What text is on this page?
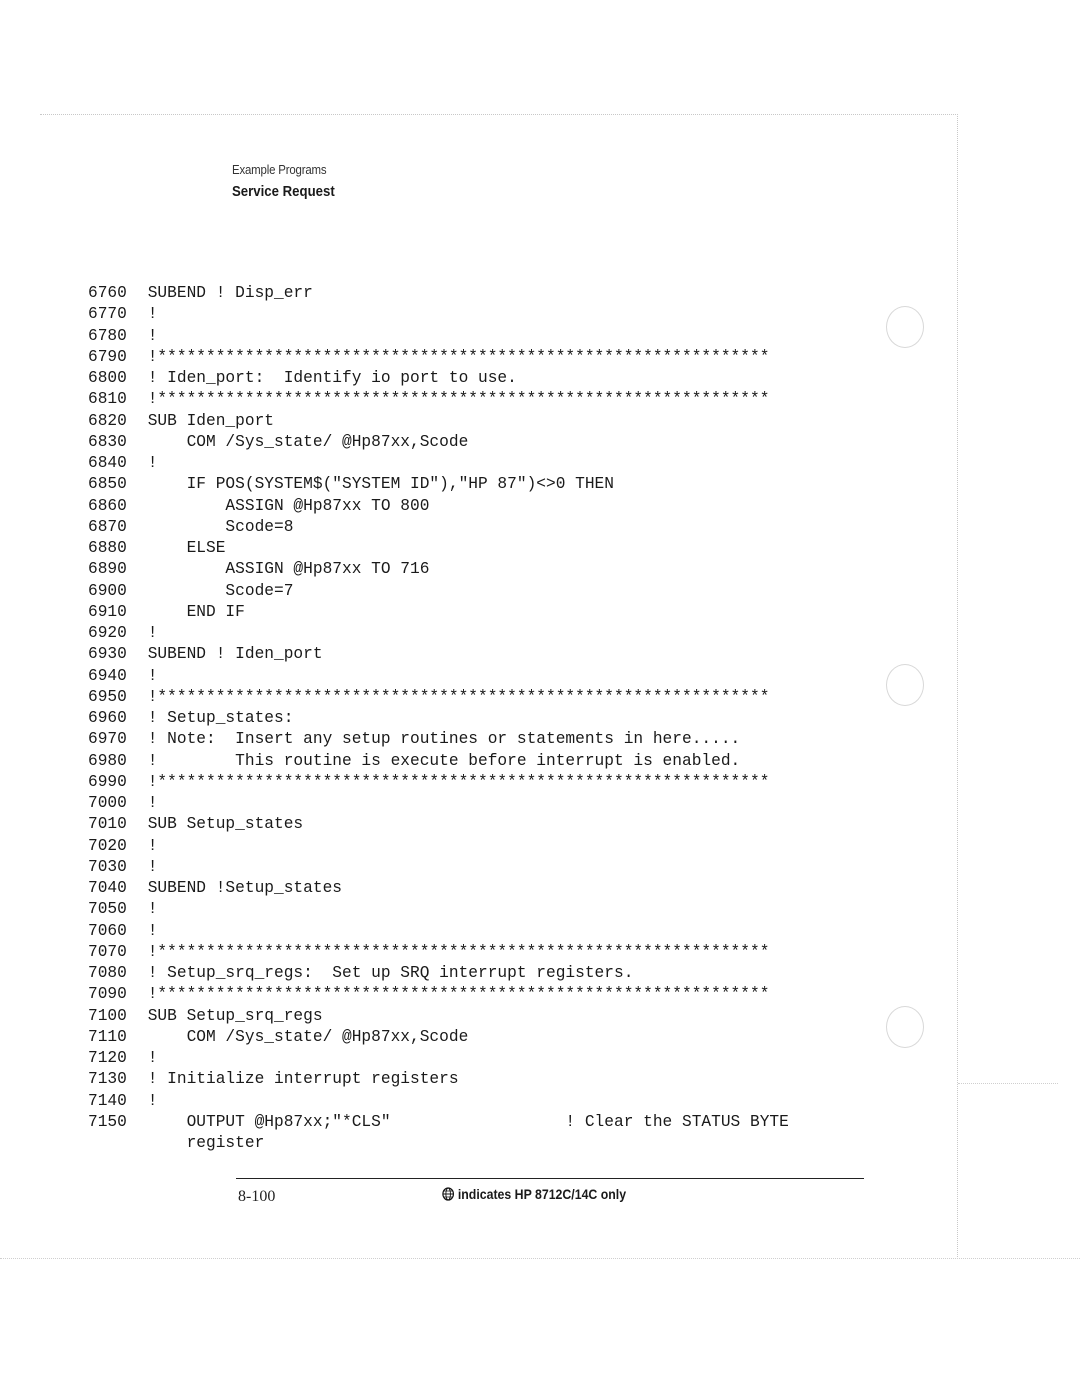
Example Programs
Service Request
6760 SUBEND ! Disp_err
6770 !
6780 !
6790 !***************************************************************
6800 ! Iden_port:  Identify io port to use.
6810 !***************************************************************
6820 SUB Iden_port
6830     COM /Sys_state/ @Hp87xx,Scode
6840 !
6850     IF POS(SYSTEM$("SYSTEM ID"),"HP 87")<>0 THEN
6860         ASSIGN @Hp87xx TO 800
6870         Scode=8
6880     ELSE
6890         ASSIGN @Hp87xx TO 716
6900         Scode=7
6910     END IF
6920 !
6930 SUBEND ! Iden_port
6940 !
6950 !***************************************************************
6960 ! Setup_states:
6970 ! Note:  Insert any setup routines or statements in here.....
6980 !        This routine is execute before interrupt is enabled.
6990 !***************************************************************
7000 !
7010 SUB Setup_states
7020 !
7030 !
7040 SUBEND !Setup_states
7050 !
7060 !
7070 !***************************************************************
7080 ! Setup_srq_regs:  Set up SRQ interrupt registers.
7090 !***************************************************************
7100 SUB Setup_srq_regs
7110     COM /Sys_state/ @Hp87xx,Scode
7120 !
7130 ! Initialize interrupt registers
7140 !
7150     OUTPUT @Hp87xx;"*CLS"                  ! Clear the STATUS BYTE
register
8-100	indicates HP 8712C/14C only
